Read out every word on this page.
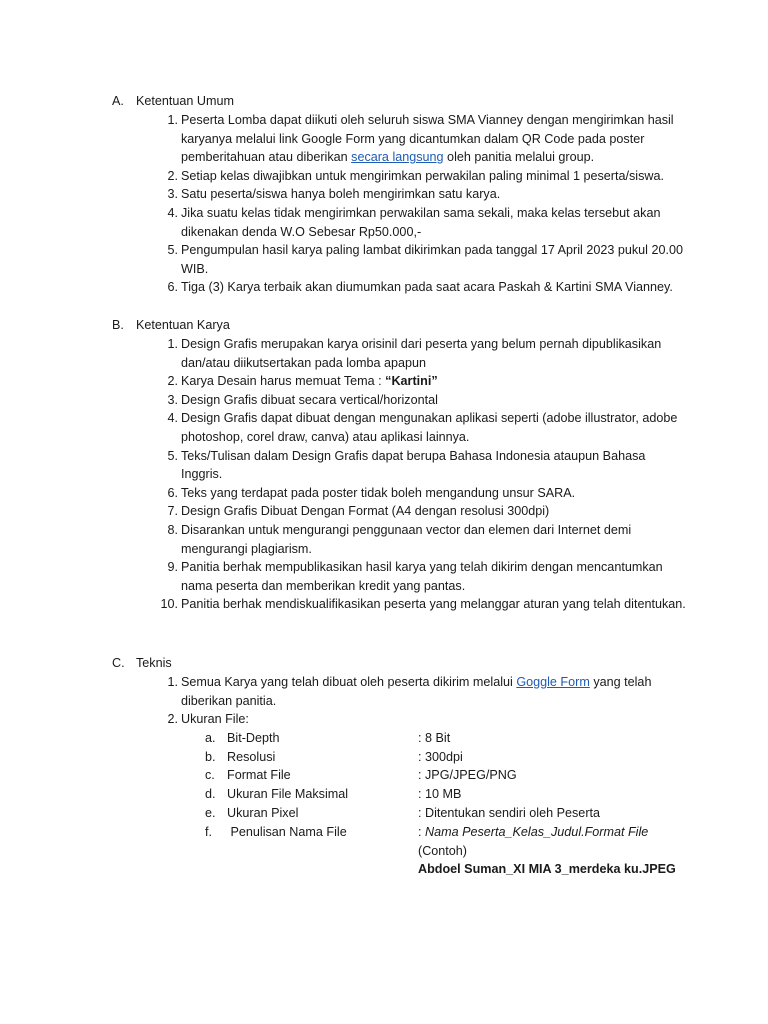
A. Ketentuan Umum
1. Peserta Lomba dapat diikuti oleh seluruh siswa SMA Vianney dengan mengirimkan hasil karyanya melalui link Google Form yang dicantumkan dalam QR Code pada poster pemberitahuan atau diberikan secara langsung oleh panitia melalui group.
2. Setiap kelas diwajibkan untuk mengirimkan perwakilan paling minimal 1 peserta/siswa.
3. Satu peserta/siswa hanya boleh mengirimkan satu karya.
4. Jika suatu kelas tidak mengirimkan perwakilan sama sekali, maka kelas tersebut akan dikenakan denda W.O Sebesar Rp50.000,-
5. Pengumpulan hasil karya paling lambat dikirimkan pada tanggal 17 April 2023 pukul 20.00 WIB.
6. Tiga (3) Karya terbaik akan diumumkan pada saat acara Paskah & Kartini SMA Vianney.
B. Ketentuan Karya
1. Design Grafis merupakan karya orisinil dari peserta yang belum pernah dipublikasikan dan/atau diikutsertakan pada lomba apapun
2. Karya Desain harus memuat Tema : “Kartini”
3. Design Grafis dibuat secara vertical/horizontal
4. Design Grafis dapat dibuat dengan mengunakan aplikasi seperti (adobe illustrator, adobe photoshop, corel draw, canva) atau aplikasi lainnya.
5. Teks/Tulisan dalam Design Grafis dapat berupa Bahasa Indonesia ataupun Bahasa Inggris.
6. Teks yang terdapat pada poster tidak boleh mengandung unsur SARA.
7. Design Grafis Dibuat Dengan Format (A4 dengan resolusi 300dpi)
8. Disarankan untuk mengurangi penggunaan vector dan elemen dari Internet demi mengurangi plagiarism.
9. Panitia berhak mempublikasikan hasil karya yang telah dikirim dengan mencantumkan nama peserta dan memberikan kredit yang pantas.
10. Panitia berhak mendiskualifikasikan peserta yang melanggar aturan yang telah ditentukan.
C. Teknis
1. Semua Karya yang telah dibuat oleh peserta dikirim melalui Goggle Form yang telah diberikan panitia.
2. Ukuran File:
a. Bit-Depth	: 8 Bit
b. Resolusi	: 300dpi
c. Format File	: JPG/JPEG/PNG
d. Ukuran File Maksimal	: 10 MB
e. Ukuran Pixel	: Ditentukan sendiri oleh Peserta
f.	Penulisan Nama File	: Nama Peserta_Kelas_Judul.Format File
(Contoh)
Abdoel Suman_XI MIA 3_merdeka ku.JPEG
